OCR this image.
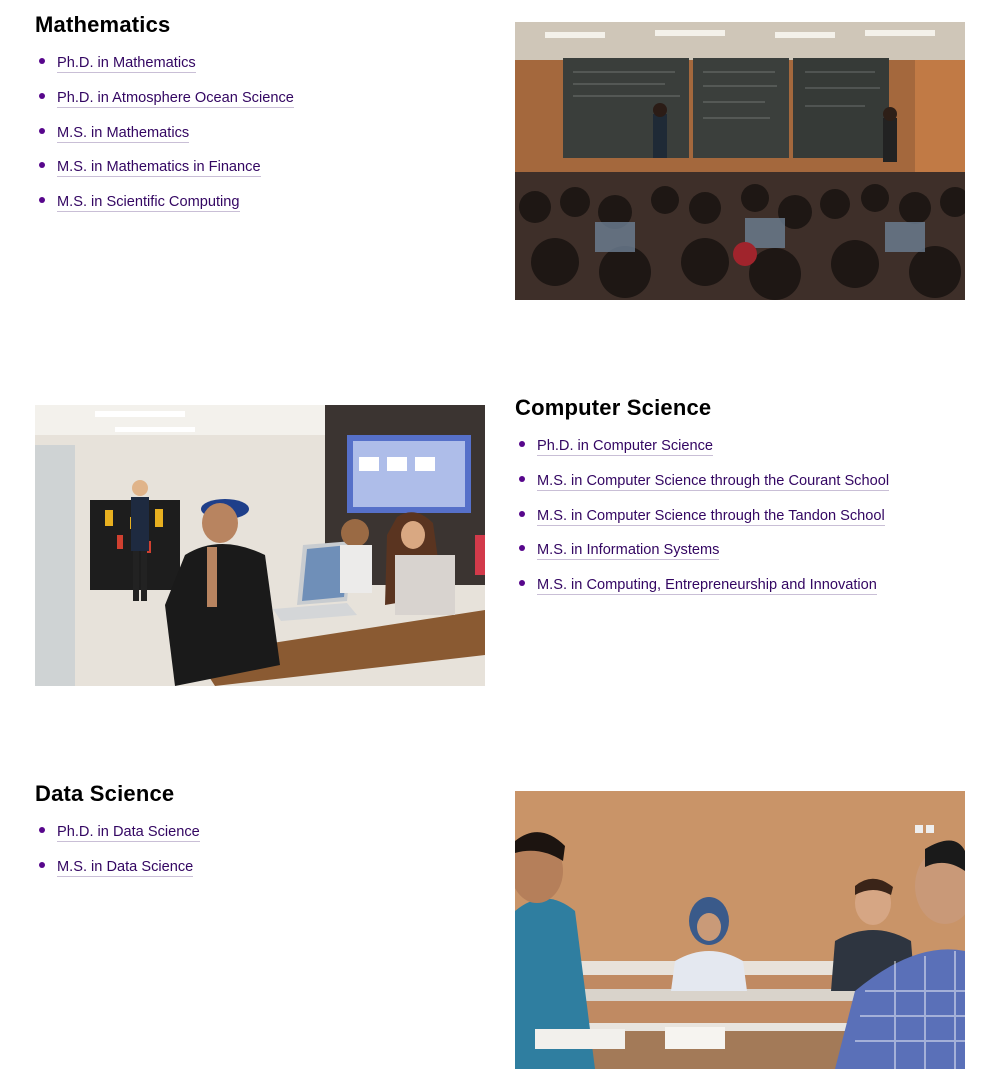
Mathematics
Ph.D. in Mathematics
Ph.D. in Atmosphere Ocean Science
M.S. in Mathematics
M.S. in Mathematics in Finance
M.S. in Scientific Computing
Computer Science
Ph.D. in Computer Science
M.S. in Computer Science through the Courant School
M.S. in Computer Science through the Tandon School
M.S. in Information Systems
M.S. in Computing, Entrepreneurship and Innovation
Data Science
Ph.D. in Data Science
M.S. in Data Science
